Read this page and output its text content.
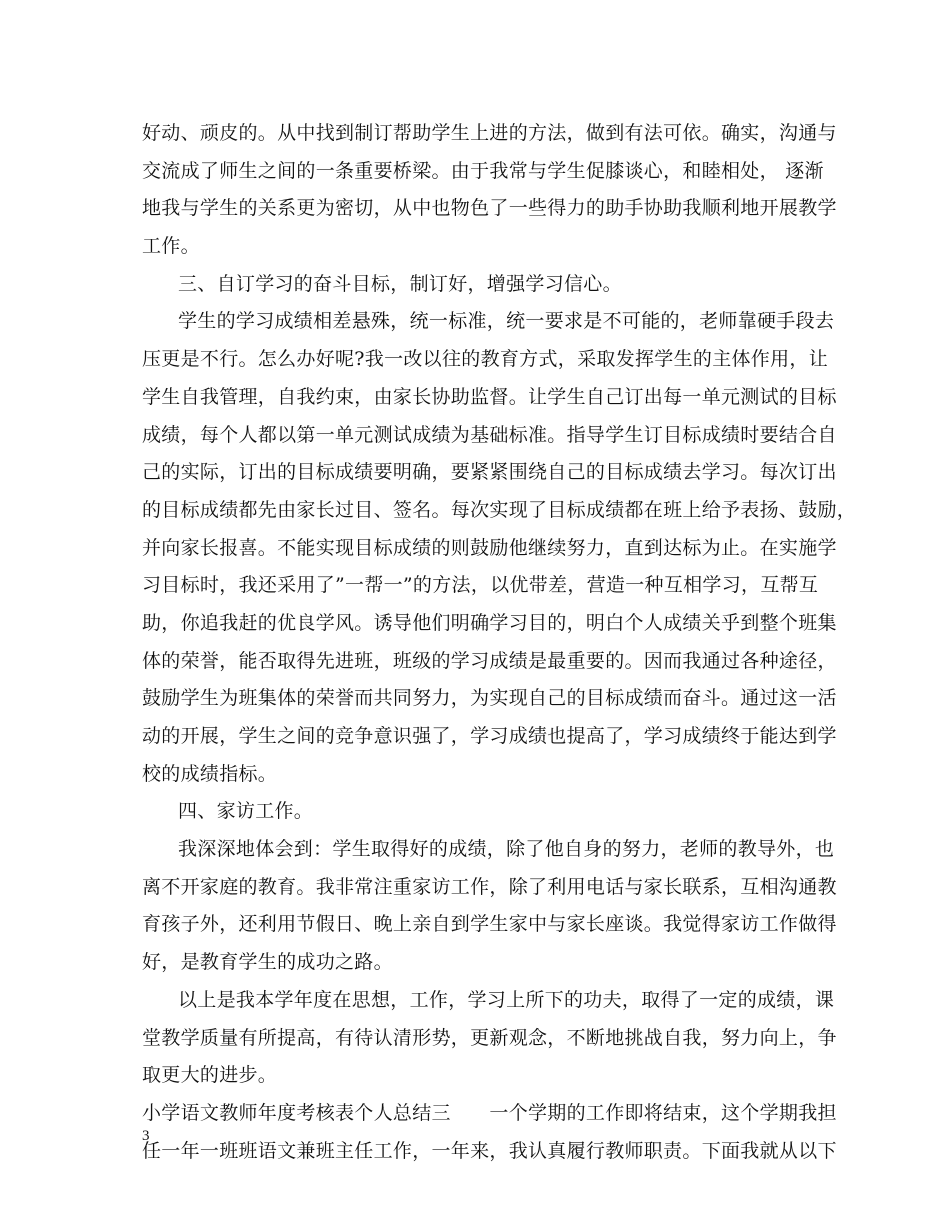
好动、顽皮的。从中找到制订帮助学生上进的方法，做到有法可依。确实，沟通与
交流成了师生之间的一条重要桥梁。由于我常与学生促膝谈心，和睦相处， 逐渐
地我与学生的关系更为密切，从中也物色了一些得力的助手协助我顺利地开展教学
工作。
三、自订学习的奋斗目标，制订好，增强学习信心。
学生的学习成绩相差悬殊，统一标准，统一要求是不可能的，老师靠硬手段去
压更是不行。怎么办好呢?我一改以往的教育方式，采取发挥学生的主体作用，让
学生自我管理，自我约束，由家长协助监督。让学生自己订出每一单元测试的目标
成绩，每个人都以第一单元测试成绩为基础标准。指导学生订目标成绩时要结合自
己的实际，订出的目标成绩要明确，要紧紧围绕自己的目标成绩去学习。每次订出
的目标成绩都先由家长过目、签名。每次实现了目标成绩都在班上给予表扬、鼓励，
并向家长报喜。不能实现目标成绩的则鼓励他继续努力，直到达标为止。在实施学
习目标时，我还采用了”一帮一”的方法，以优带差，营造一种互相学习，互帮互
助，你追我赶的优良学风。诱导他们明确学习目的，明白个人成绩关乎到整个班集
体的荣誉，能否取得先进班，班级的学习成绩是最重要的。因而我通过各种途径，
鼓励学生为班集体的荣誉而共同努力，为实现自己的目标成绩而奋斗。通过这一活
动的开展，学生之间的竞争意识强了，学习成绩也提高了，学习成绩终于能达到学
校的成绩指标。
四、家访工作。
我深深地体会到：学生取得好的成绩，除了他自身的努力，老师的教导外，也
离不开家庭的教育。我非常注重家访工作，除了利用电话与家长联系，互相沟通教
育孩子外，还利用节假日、晚上亲自到学生家中与家长座谈。我觉得家访工作做得
好，是教育学生的成功之路。
以上是我本学年度在思想，工作，学习上所下的功夫，取得了一定的成绩，课
堂教学质量有所提高，有待认清形势，更新观念，不断地挑战自我，努力向上，争
取更大的进步。
小学语文教师年度考核表个人总结三　　一个学期的工作即将结束，这个学期我担
任一年一班班语文兼班主任工作，一年来，我认真履行教师职责。下面我就从以下
3
